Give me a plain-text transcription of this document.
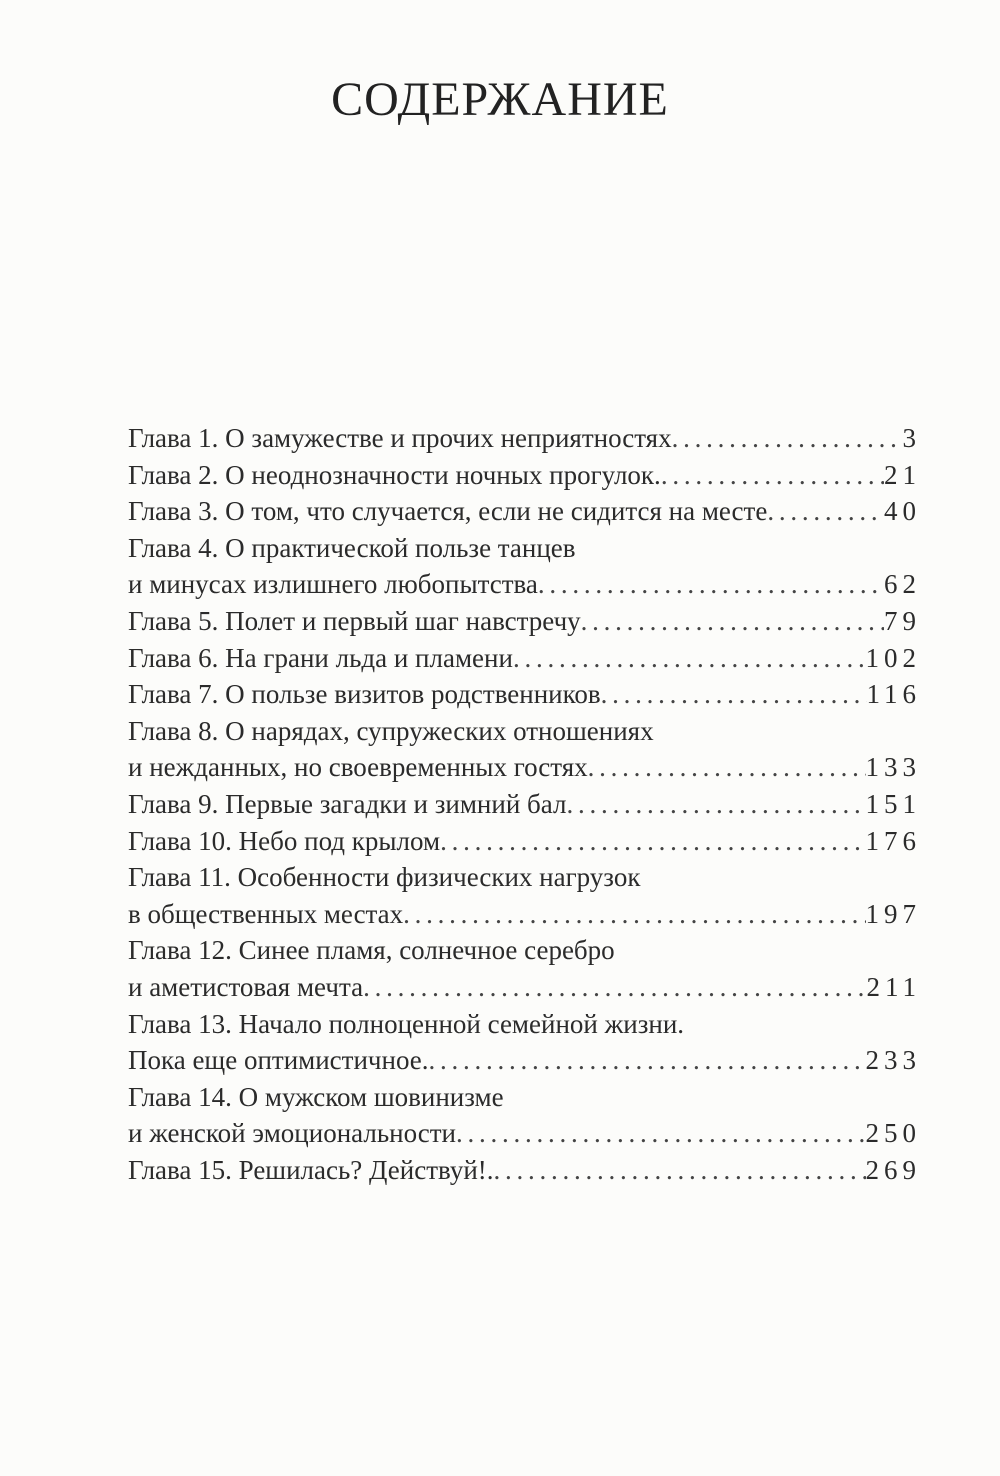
СОДЕРЖАНИЕ
Глава 1. О замужестве и прочих неприятностях . . .	3
Глава 2. О неоднозначности ночных прогулок. . . .	21
Глава 3. О том, что случается, если не сидится на месте . . .	40
Глава 4. О практической пользе танцев
и минусах излишнего любопытства . . .	62
Глава 5. Полет и первый шаг навстречу . . .	79
Глава 6. На грани льда и пламени . . .	102
Глава 7. О пользе визитов родственников . . .	116
Глава 8. О нарядах, супружеских отношениях
и нежданных, но своевременных гостях . . .	133
Глава 9. Первые загадки и зимний бал . . .	151
Глава 10. Небо под крылом . . .	176
Глава 11. Особенности физических нагрузок
в общественных местах . . .	197
Глава 12. Синее пламя, солнечное серебро
и аметистовая мечта . . .	211
Глава 13. Начало полноценной семейной жизни.
Пока еще оптимистичное. . . .	233
Глава 14. О мужском шовинизме
и женской эмоциональности . . .	250
Глава 15. Решилась? Действуй!. . . .	269
